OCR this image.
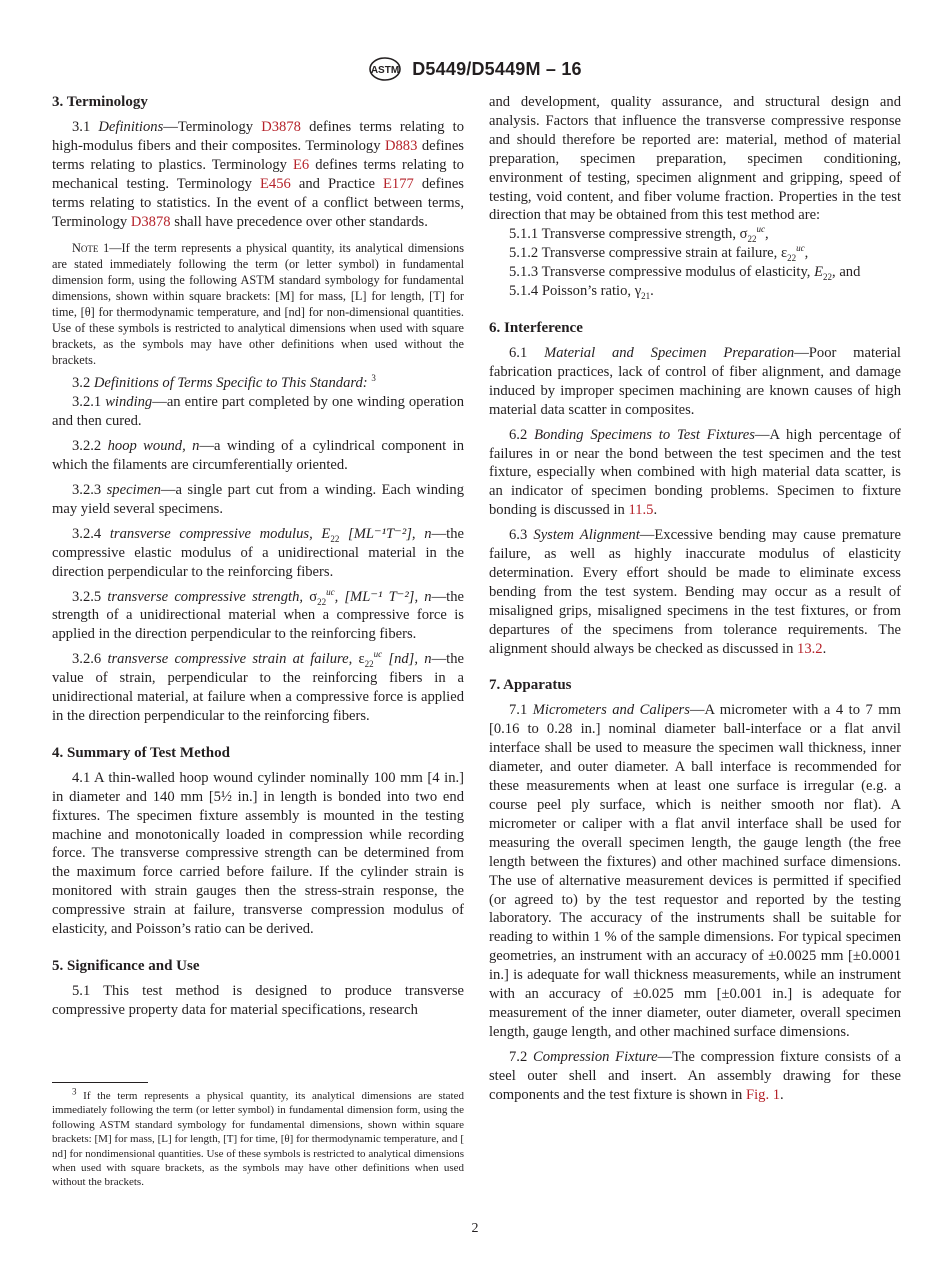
ASTM D5449/D5449M – 16
3. Terminology

3.1 Definitions—Terminology D3878 defines terms relating to high-modulus fibers and their composites. Terminology D883 defines terms relating to plastics. Terminology E6 defines terms relating to mechanical testing. Terminology E456 and Practice E177 defines terms relating to statistics. In the event of a conflict between terms, Terminology D3878 shall have precedence over other standards.

Note 1—If the term represents a physical quantity, its analytical dimensions are stated immediately following the term (or letter symbol) in fundamental dimension form, using the following ASTM standard symbology for fundamental dimensions, shown within square brackets: [M] for mass, [L] for length, [T] for time, [θ] for thermodynamic temperature, and [nd] for non-dimensional quantities. Use of these symbols is restricted to analytical dimensions when used with square brackets, as the symbols may have other definitions when used without the brackets.

3.2 Definitions of Terms Specific to This Standard: $^3$

3.2.1 winding—an entire part completed by one winding operation and then cured.

3.2.2 hoop wound, n—a winding of a cylindrical component in which the filaments are circumferentially oriented.

3.2.3 specimen—a single part cut from a winding. Each winding may yield several specimens.

3.2.4 transverse compressive modulus, $E_{22}$ [ML⁻¹T⁻²], n—the compressive elastic modulus of a unidirectional material in the direction perpendicular to the reinforcing fibers.

3.2.5 transverse compressive strength, $\sigma_{22}^{uc}$, [ML⁻¹ T⁻²], n—the strength of a unidirectional material when a compressive force is applied in the direction perpendicular to the reinforcing fibers.

3.2.6 transverse compressive strain at failure, $\varepsilon_{22}^{uc}$ [nd], n—the value of strain, perpendicular to the reinforcing fibers in a unidirectional material, at failure when a compressive force is applied in the direction perpendicular to the reinforcing fibers.

4. Summary of Test Method

4.1 A thin-walled hoop wound cylinder nominally 100 mm [4 in.] in diameter and 140 mm [5½ in.] in length is bonded into two end fixtures. The specimen fixture assembly is mounted in the testing machine and monotonically loaded in compression while recording force. The transverse compressive strength can be determined from the maximum force carried before failure. If the cylinder strain is monitored with strain gauges then the stress-strain response, the compressive strain at failure, transverse compression modulus of elasticity, and Poisson’s ratio can be derived.

5. Significance and Use

5.1 This test method is designed to produce transverse compressive property data for material specifications, research

$^3$ If the term represents a physical quantity, its analytical dimensions are stated immediately following the term (or letter symbol) in fundamental dimension form, using the following ASTM standard symbology for fundamental dimensions, shown within square brackets: [M] for mass, [L] for length, [T] for time, [θ] for thermodynamic temperature, and [ nd] for nondimensional quantities. Use of these symbols is restricted to analytical dimensions when used with square brackets, as the symbols may have other definitions when used without the brackets.

and development, quality assurance, and structural design and analysis. Factors that influence the transverse compressive response and should therefore be reported are: material, method of material preparation, specimen preparation, specimen conditioning, environment of testing, specimen alignment and gripping, speed of testing, void content, and fiber volume fraction. Properties in the test direction that may be obtained from this test method are:

5.1.1 Transverse compressive strength, $\sigma_{22}^{uc}$,

5.1.2 Transverse compressive strain at failure, $\varepsilon_{22}^{uc}$,

5.1.3 Transverse compressive modulus of elasticity, $E_{22}$, and

5.1.4 Poisson’s ratio, $\gamma_{21}$.

6. Interference

6.1 Material and Specimen Preparation—Poor material fabrication practices, lack of control of fiber alignment, and damage induced by improper specimen machining are known causes of high material data scatter in composites.

6.2 Bonding Specimens to Test Fixtures—A high percentage of failures in or near the bond between the test specimen and the test fixture, especially when combined with high material data scatter, is an indicator of specimen bonding problems. Specimen to fixture bonding is discussed in 11.5.

6.3 System Alignment—Excessive bending may cause premature failure, as well as highly inaccurate modulus of elasticity determination. Every effort should be made to eliminate excess bending from the test system. Bending may occur as a result of misaligned grips, misaligned specimens in the test fixtures, or from departures of the specimens from tolerance requirements. The alignment should always be checked as discussed in 13.2.

7. Apparatus

7.1 Micrometers and Calipers—A micrometer with a 4 to 7 mm [0.16 to 0.28 in.] nominal diameter ball-interface or a flat anvil interface shall be used to measure the specimen wall thickness, inner diameter, and outer diameter. A ball interface is recommended for these measurements when at least one surface is irregular (e.g. a course peel ply surface, which is neither smooth nor flat). A micrometer or caliper with a flat anvil interface shall be used for measuring the overall specimen length, the gauge length (the free length between the fixtures) and other machined surface dimensions. The use of alternative measurement devices is permitted if specified (or agreed to) by the test requestor and reported by the testing laboratory. The accuracy of the instruments shall be suitable for reading to within 1 % of the sample dimensions. For typical specimen geometries, an instrument with an accuracy of ±0.0025 mm [±0.0001 in.] is adequate for wall thickness measurements, while an instrument with an accuracy of ±0.025 mm [±0.001 in.] is adequate for measurement of the inner diameter, outer diameter, overall specimen length, gauge length, and other machined surface dimensions.

7.2 Compression Fixture—The compression fixture consists of a steel outer shell and insert. An assembly drawing for these components and the test fixture is shown in Fig. 1.

2
